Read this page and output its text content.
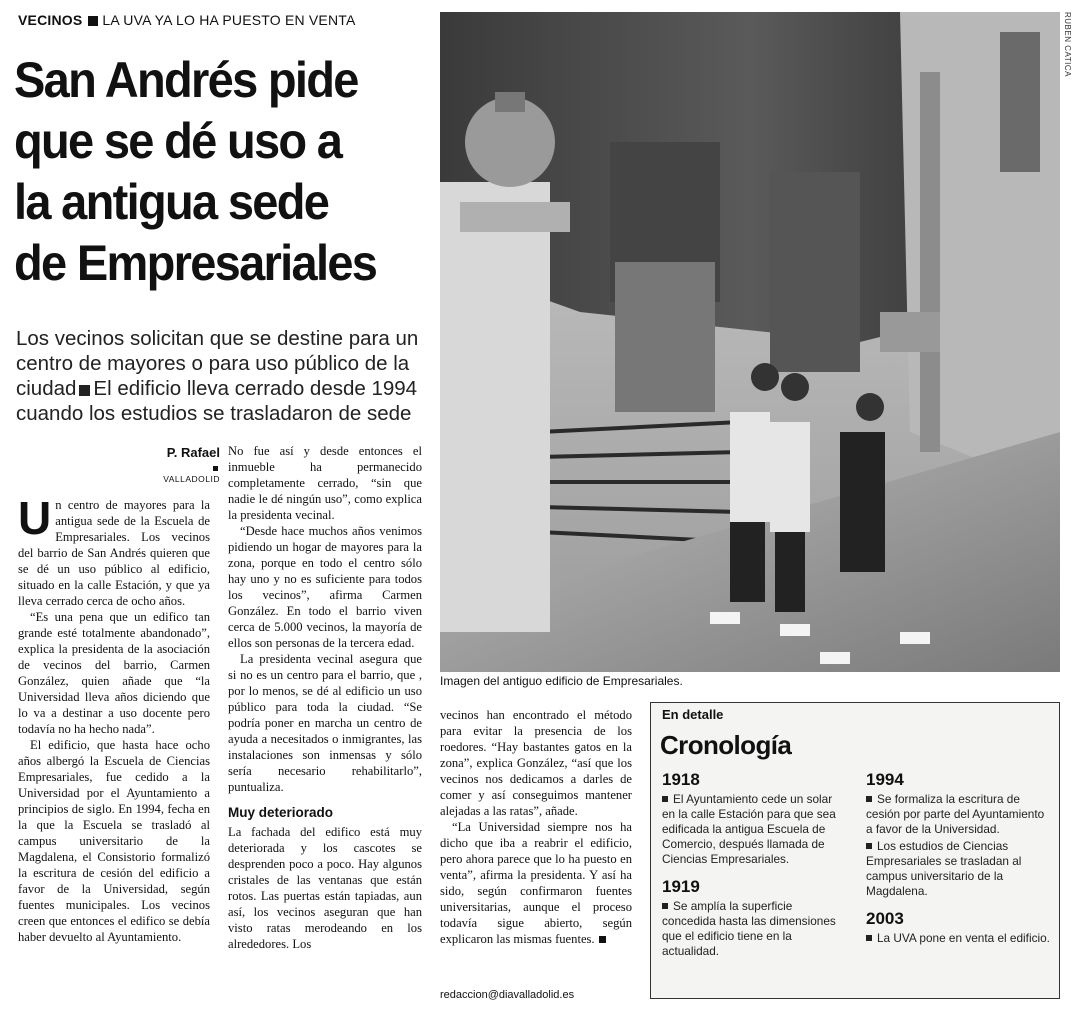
VECINOS LA UVA YA LO HA PUESTO EN VENTA
San Andrés pide
que se dé uso a
la antigua sede
de Empresariales
Los vecinos solicitan que se destine para un centro de mayores o para uso público de la ciudad El edificio lleva cerrado desde 1994 cuando los estudios se trasladaron de sede
P. Rafael
VALLADOLID

Un centro de mayores para la antigua sede de la Escuela de Empresariales. Los vecinos del barrio de San Andrés quieren que se dé un uso público al edificio, situado en la calle Estación, y que ya lleva cerrado cerca de ocho años.

“Es una pena que un edifico tan grande esté totalmente abandonado”, explica la presidenta de la asociación de vecinos del barrio, Carmen González, quien añade que “la Universidad lleva años diciendo que lo va a destinar a uso docente pero todavía no ha hecho nada”.

El edificio, que hasta hace ocho años albergó la Escuela de Ciencias Empresariales, fue cedido a la Universidad por el Ayuntamiento a principios de siglo. En 1994, fecha en la que la Escuela se trasladó al campus universitario de la Magdalena, el Consistorio formalizó la escritura de cesión del edificio a favor de la Universidad, según fuentes municipales. Los vecinos creen que entonces el edifico se debía haber devuelto al Ayuntamiento.

No fue así y desde entonces el inmueble ha permanecido completamente cerrado, “sin que nadie le dé ningún uso”, como explica la presidenta vecinal.

“Desde hace muchos años venimos pidiendo un hogar de mayores para la zona, porque en todo el centro sólo hay uno y no es suficiente para todos los vecinos”, afirma Carmen González. En todo el barrio viven cerca de 5.000 vecinos, la mayoría de ellos son personas de la tercera edad.

La presidenta vecinal asegura que si no es un centro para el barrio, que , por lo menos, se dé al edificio un uso público para toda la ciudad. “Se podría poner en marcha un centro de ayuda a necesitados o inmigrantes, las instalaciones son inmensas y sólo sería necesario rehabilitarlo”, puntualiza.

Muy deteriorado

La fachada del edifico está muy deteriorada y los cascotes se desprenden poco a poco. Hay algunos cristales de las ventanas que están rotos. Las puertas están tapiadas, aun así, los vecinos aseguran que han visto ratas merodeando en los alrededores. Los

vecinos han encontrado el método para evitar la presencia de los roedores. “Hay bastantes gatos en la zona”, explica González, “así que los vecinos nos dedicamos a darles de comer y así conseguimos mantener alejadas a las ratas”, añade.

“La Universidad siempre nos ha dicho que iba a reabrir el edificio, pero ahora parece que lo ha puesto en venta”, afirma la presidenta. Y así ha sido, según confirmaron fuentes universitarias, aunque el proceso todavía sigue abierto, según explicaron las mismas fuentes.

redaccion@diavalladolid.es
RUBEN CATICA
Imagen del antiguo edificio de Empresariales.
En detalle
Cronología
1918
El Ayuntamiento cede un solar en la calle Estación para que sea edificada la antigua Escuela de Comercio, después llamada de Ciencias Empresariales.
1919
Se amplía la superficie concedida hasta las dimensiones que el edificio tiene en la actualidad.
1994
Se formaliza la escritura de cesión por parte del Ayuntamiento a favor de la Universidad.
Los estudios de Ciencias Empresariales se trasladan al campus universitario de la Magdalena.
2003
La UVA pone en venta el edificio.
